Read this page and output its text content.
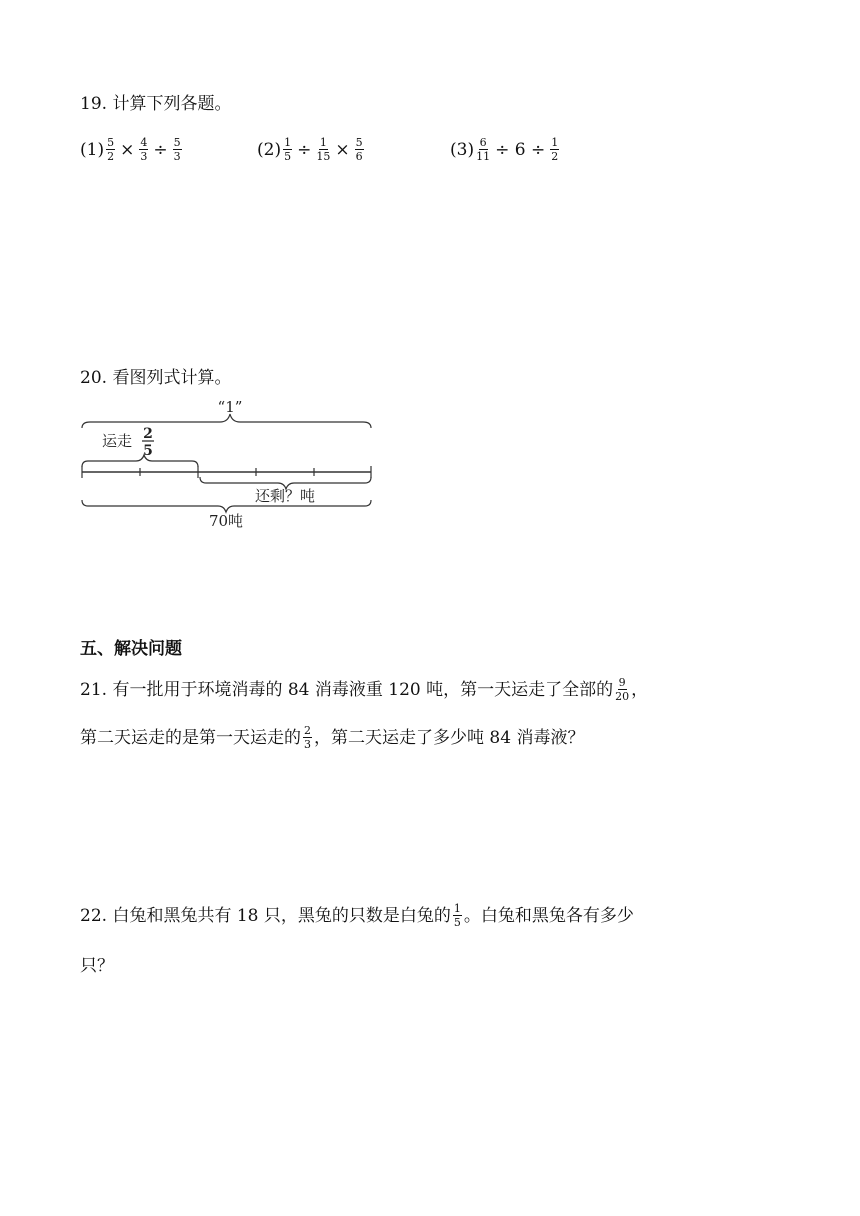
19. 计算下列各题。
$(1) \frac{5}{2} \times \frac{4}{3} \div \frac{5}{3}$	$(2) \frac{1}{5} \div \frac{1}{15} \times \frac{5}{6}$	$(3) \frac{6}{11} \div 6 \div \frac{1}{2}$
20. 看图列式计算。
“1”
运走 2
5
还剩？吨
70吨
五、解决问题
21. 有一批用于环境消毒的 84 消毒液重 120 吨，第一天运走了全部的 $\frac{9}{20}$ ，
第二天运走的是第一天运走的 $\frac{2}{3}$ ，第二天运走了多少吨 84 消毒液？
22. 白兔和黑兔共有 18 只，黑兔的只数是白兔的 $\frac{1}{5}$ 。白兔和黑兔各有多少
只？
